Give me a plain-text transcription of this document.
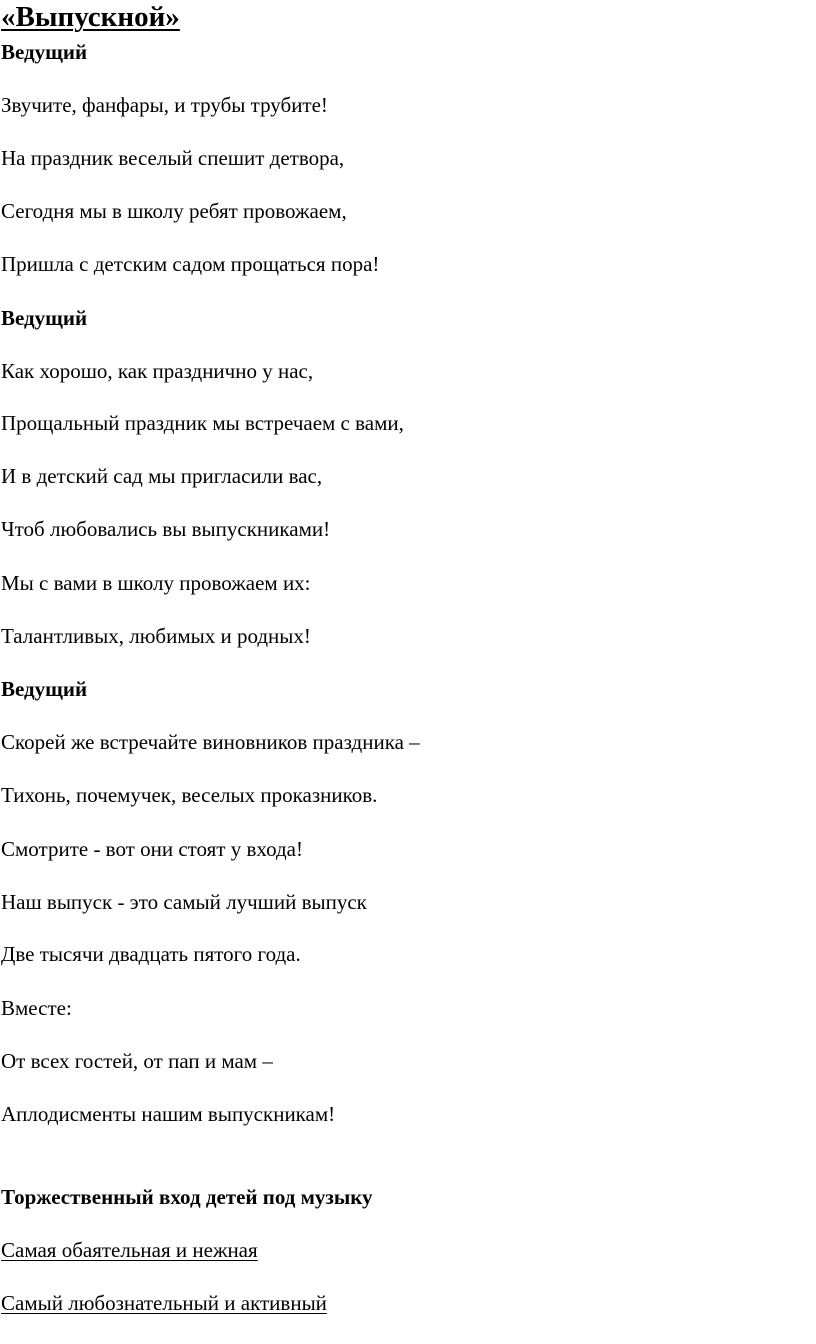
«Выпускной»
Ведущий
Звучите, фанфары, и трубы трубите!
На праздник веселый спешит детвора,
Сегодня мы в школу ребят провожаем,
Пришла с детским садом прощаться пора!
Ведущий
Как хорошо, как празднично у нас,
Прощальный праздник мы встречаем с вами,
И в детский сад мы пригласили вас,
Чтоб любовались вы выпускниками!
Мы с вами в школу провожаем их:
Талантливых, любимых и родных!
Ведущий
Скорей же встречайте виновников праздника –
Тихонь, почемучек, веселых проказников.
Смотрите - вот они стоят у входа!
Наш выпуск - это самый лучший выпуск
Две тысячи двадцать пятого года.
Вместе:
От всех гостей, от пап и мам –
Аплодисменты нашим выпускникам!
Торжественный вход детей под музыку
Самая обаятельная и нежная
Самый любознательный и активный
